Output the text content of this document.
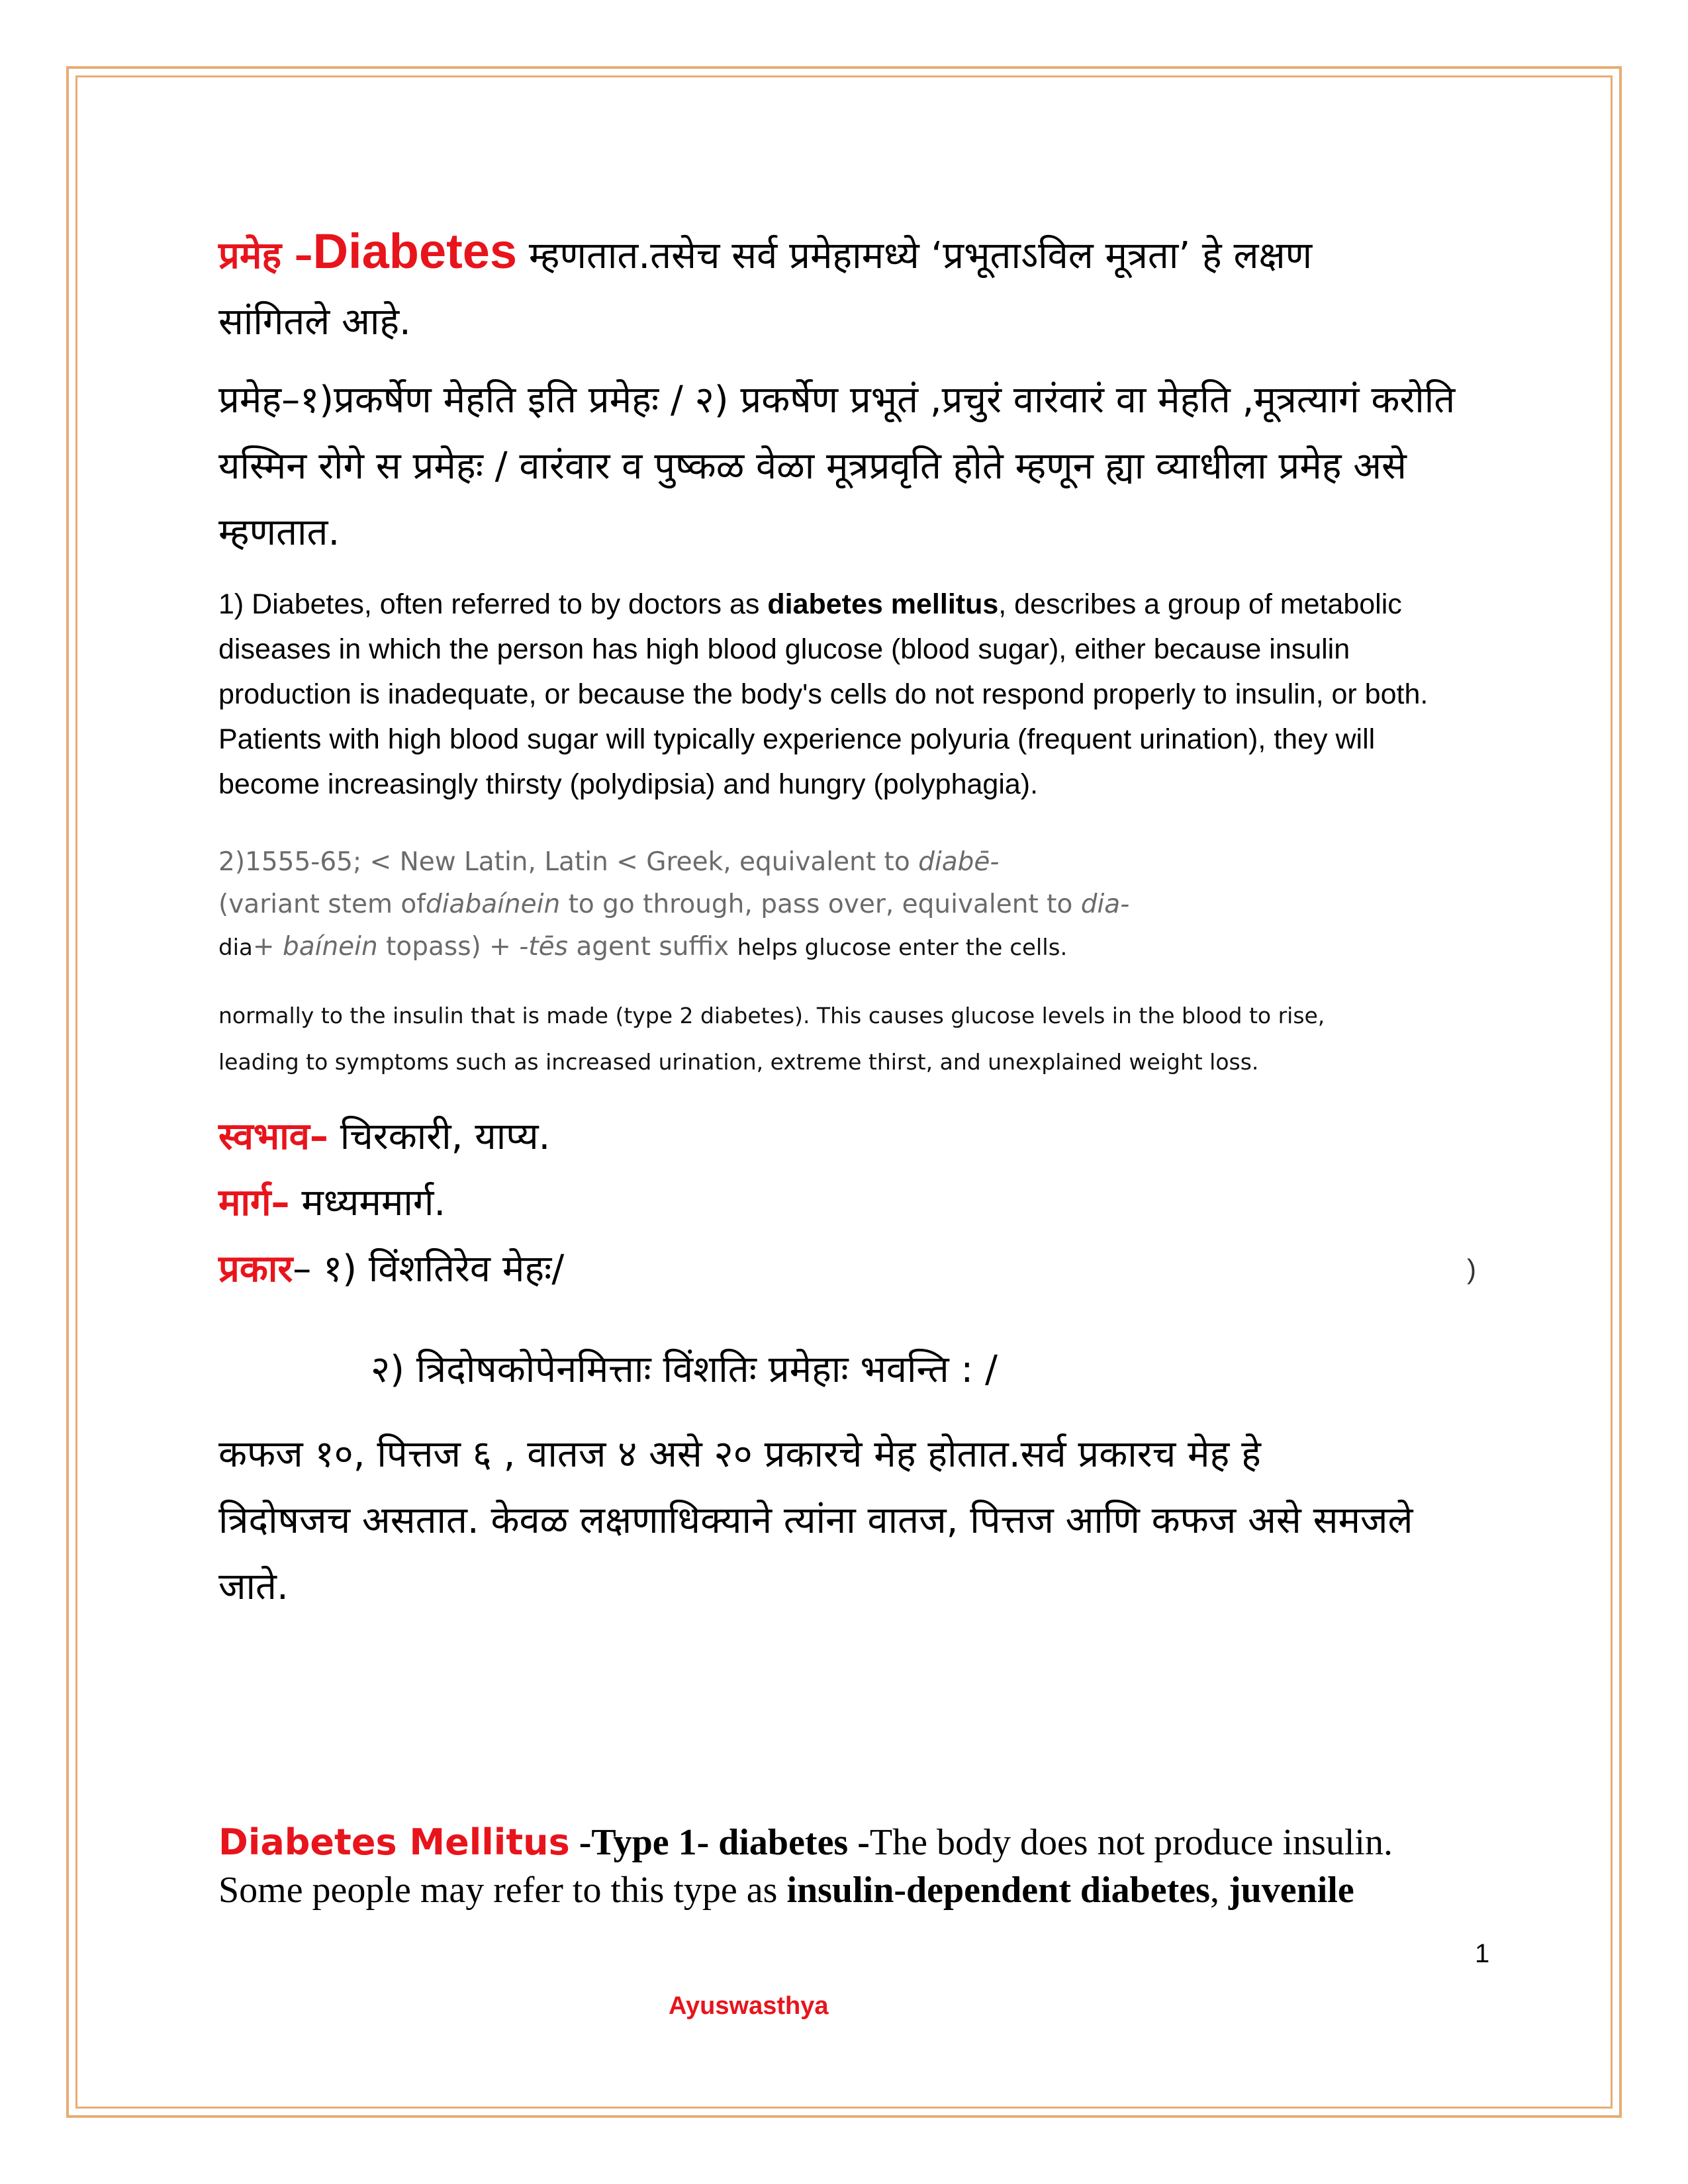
प्रमेह –Diabetes म्हणतात.तसेच सर्व प्रमेहामध्ये ‘प्रभूताऽविल मूत्रता’ हे लक्षण
सांगितले आहे.

प्रमेह–१)प्रकर्षेण मेहति इति प्रमेहः / २) प्रकर्षेण प्रभूतं ,प्रचुरं वारंवारं वा मेहति ,मूत्रत्यागं करोति
यस्मिन रोगे स प्रमेहः / वारंवार व पुष्कळ वेळा मूत्रप्रवृति होते म्हणून ह्या व्याधीला प्रमेह असे
म्हणतात.

1) Diabetes, often referred to by doctors as diabetes mellitus, describes a group of metabolic diseases in which the person has high blood glucose (blood sugar), either because insulin production is inadequate, or because the body's cells do not respond properly to insulin, or both. Patients with high blood sugar will typically experience polyuria (frequent urination), they will become increasingly thirsty (polydipsia) and hungry (polyphagia).

2)1555-65; < New Latin, Latin < Greek, equivalent to diabē-
(variant stem ofdiabaínein to go through, pass over, equivalent to dia-
dia+ baínein topass) + -tēs agent suffix helps glucose enter the cells.

normally to the insulin that is made (type 2 diabetes). This causes glucose levels in the blood to rise,
leading to symptoms such as increased urination, extreme thirst, and unexplained weight loss.

स्वभाव– चिरकारी, याप्य.
मार्ग– मध्यममार्ग.
प्रकार– १) विंशतिरेव मेहः/	)
२) त्रिदोषकोपेनमित्ताः विंशतिः प्रमेहाः भवन्ति : /

कफज १०, पित्तज ६ , वातज ४ असे २० प्रकारचे मेह होतात.सर्व प्रकारच मेह हे
त्रिदोषजच असतात. केवळ लक्षणाधिक्याने त्यांना वातज, पित्तज आणि कफज असे समजले
जाते.

Diabetes Mellitus -Type 1- diabetes -The body does not produce insulin.
Some people may refer to this type as insulin-dependent diabetes, juvenile

1
Ayuswasthya
